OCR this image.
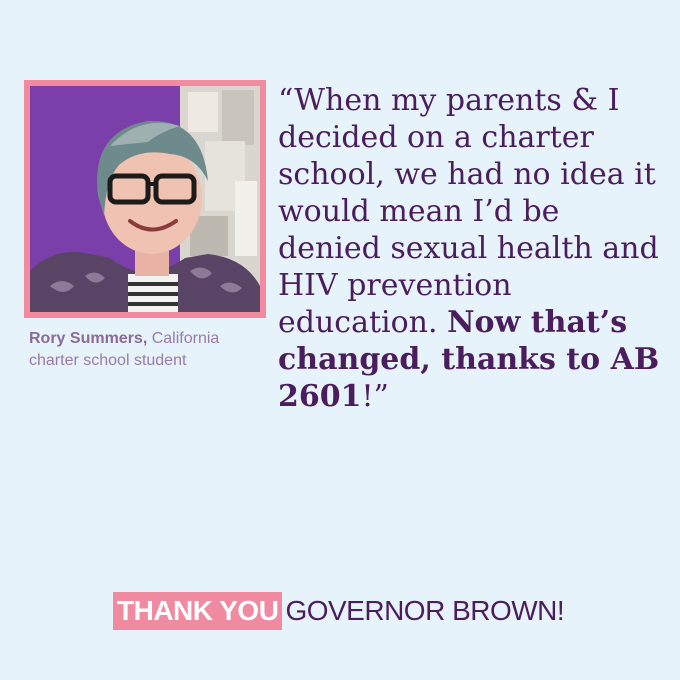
Rory Summers, California charter school student
“When my parents & I decided on a charter school, we had no idea it would mean I’d be denied sexual health and HIV prevention education. Now that’s changed, thanks to AB 2601!”
THANK YOU GOVERNOR BROWN!
